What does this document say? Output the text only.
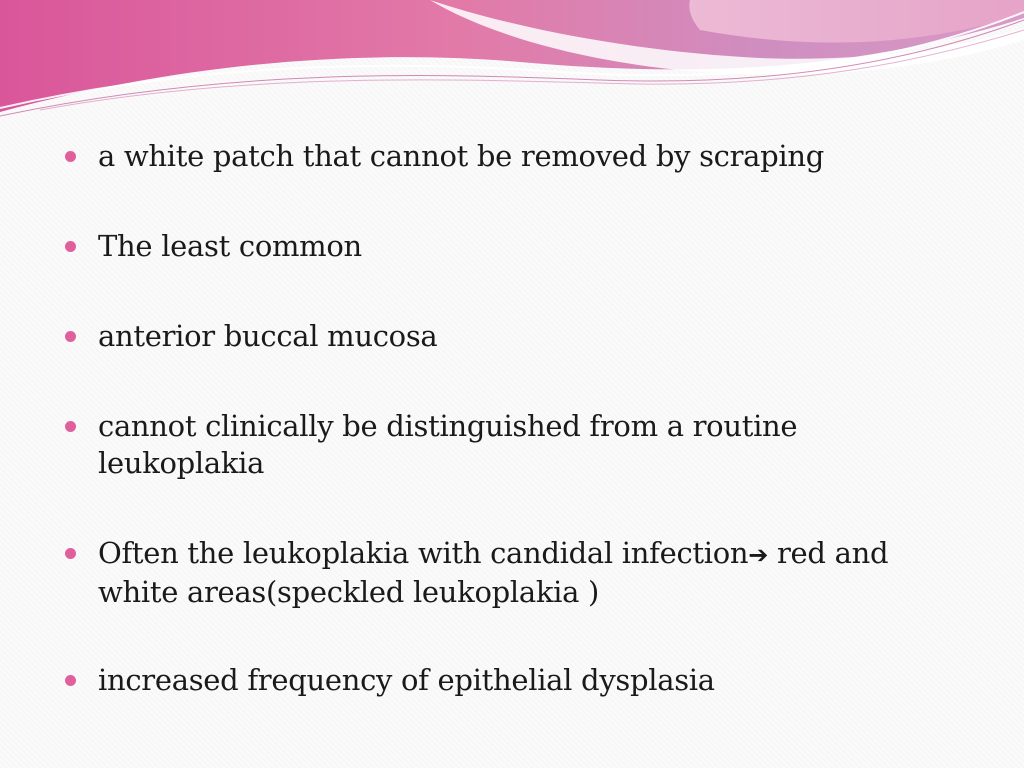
a white patch that cannot be removed by scraping
The least common
anterior buccal mucosa
cannot clinically be distinguished from a routine leukoplakia
Often the leukoplakia with candidal infection➔ red and white areas(speckled leukoplakia )
increased frequency of epithelial dysplasia
